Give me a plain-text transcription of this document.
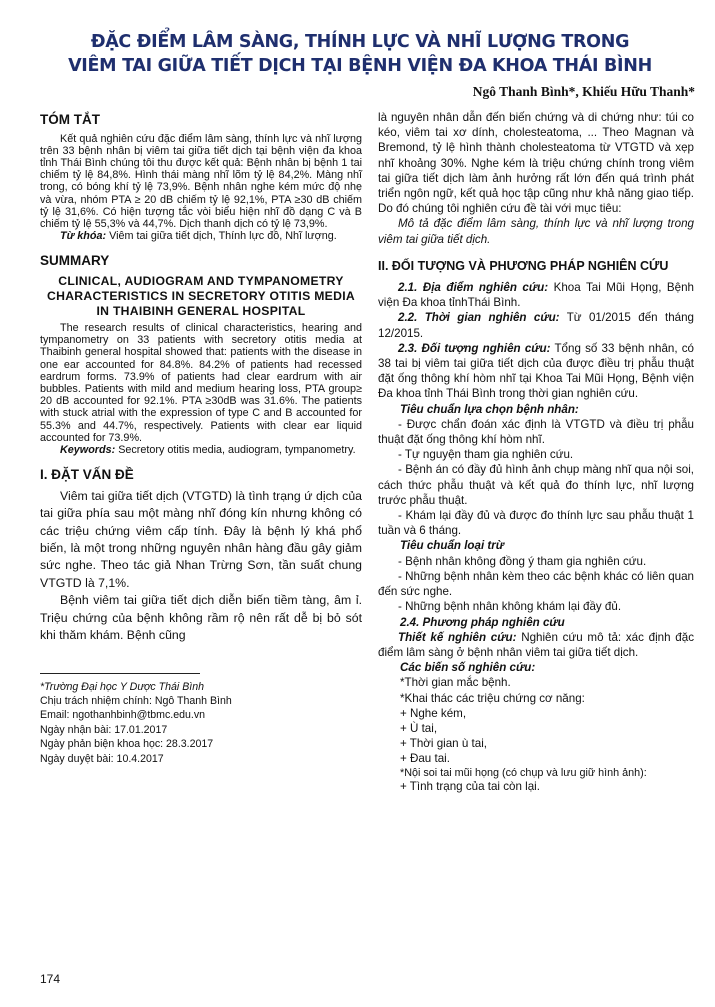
ĐẶC ĐIỂM LÂM SÀNG, THÍNH LỰC VÀ NHĨ LƯỢNG TRONG
VIÊM TAI GIỮA TIẾT DỊCH TẠI BỆNH VIỆN ĐA KHOA THÁI BÌNH
Ngô Thanh Bình*, Khiếu Hữu Thanh*
TÓM TẮT

Kết quả nghiên cứu đặc điểm lâm sàng, thính lực và nhĩ lượng trên 33 bệnh nhân bị viêm tai giữa tiết dịch tại bệnh viện đa khoa tỉnh Thái Bình chúng tôi thu được kết quả: Bệnh nhân bị bệnh 1 tai chiếm tỷ lệ 84,8%. Hình thái màng nhĩ lõm tỷ lệ 84,2%. Màng nhĩ trong, có bóng khí tỷ lệ 73,9%. Bệnh nhân nghe kém mức độ nhẹ và vừa, nhóm PTA ≥ 20 dB chiếm tỷ lệ 92,1%, PTA ≥30 dB chiếm tỷ lệ 31,6%. Có hiện tượng tắc vòi biểu hiện nhĩ đồ dạng C và B chiếm tỷ lệ 55,3% và 44,7%. Dịch thanh dịch có tỷ lệ 73,9%.

Từ khóa: Viêm tai giữa tiết dịch, Thính lực đồ, Nhĩ lượng.

SUMMARY
CLINICAL, AUDIOGRAM AND TYMPANOMETRY CHARACTERISTICS IN SECRETORY OTITIS MEDIA IN THAIBINH GENERAL HOSPITAL

The research results of clinical characteristics, hearing and tympanometry on 33 patients with secretory otitis media at Thaibinh general hospital showed that: patients with the disease in one ear accounted for 84.8%. 84.2% of patients had recessed eardrum forms. 73.9% of patients had clear eardrum with air bubbles. Patients with mild and medium hearing loss, PTA group≥ 20 dB accounted for 92.1%. PTA ≥30dB was 31.6%. The patients with stuck atrial with the expression of type C and B accounted for 55.3% and 44.7%, respectively. Patients with clear ear liquid accounted for 73.9%.

Keywords: Secretory otitis media, audiogram, tympanometry.

I. ĐẶT VẤN ĐỀ

Viêm tai giữa tiết dịch (VTGTD) là tình trạng ứ dịch của tai giữa phía sau một màng nhĩ đóng kín nhưng không có các triệu chứng viêm cấp tính. Đây là bệnh lý khá phổ biến, là một trong những nguyên nhân hàng đầu gây giảm sức nghe. Theo tác giả Nhan Trừng Sơn, tần suất chung VTGTD là 7,1%.

Bệnh viêm tai giữa tiết dịch diễn biến tiềm tàng, âm ỉ. Triệu chứng của bệnh không rầm rộ nên rất dễ bị bỏ sót khi thăm khám. Bệnh cũng

*Trường Đại học Y Dược Thái Bình
Chịu trách nhiệm chính: Ngô Thanh Bình
Email: ngothanhbinh@tbmc.edu.vn
Ngày nhận bài: 17.01.2017
Ngày phản biện khoa học: 28.3.2017
Ngày duyệt bài: 10.4.2017
174

là nguyên nhân dẫn đến biến chứng và di chứng như: túi co kéo, viêm tai xơ dính, cholesteatoma, ... Theo Magnan và Bremond, tỷ lệ hình thành cholesteatoma từ VTGTD và xẹp nhĩ khoảng 30%. Nghe kém là triệu chứng chính trong viêm tai giữa tiết dịch làm ảnh hưởng rất lớn đến quá trình phát triển ngôn ngữ, kết quả học tập cũng như khả năng giao tiếp. Do đó chúng tôi nghiên cứu đề tài với mục tiêu:

Mô tả đặc điểm lâm sàng, thính lực và nhĩ lượng trong viêm tai giữa tiết dịch.

II. ĐỐI TƯỢNG VÀ PHƯƠNG PHÁP NGHIÊN CỨU

2.1. Địa điểm nghiên cứu: Khoa Tai Mũi Họng, Bệnh viện Đa khoa tỉnhThái Bình.

2.2. Thời gian nghiên cứu: Từ 01/2015 đến tháng 12/2015.

2.3. Đối tượng nghiên cứu: Tổng số 33 bệnh nhân, có 38 tai bị viêm tai giữa tiết dịch của được điều trị phẫu thuật đặt ống thông khí hòm nhĩ tại Khoa Tai Mũi Họng, Bệnh viện Đa khoa tỉnh Thái Bình trong thời gian nghiên cứu.

Tiêu chuẩn lựa chọn bệnh nhân:

- Được chẩn đoán xác định là VTGTD và điều trị phẫu thuật đặt ống thông khí hòm nhĩ.

- Tự nguyện tham gia nghiên cứu.

- Bệnh án có đầy đủ hình ảnh chụp màng nhĩ qua nội soi, cách thức phẫu thuật và kết quả đo thính lực, nhĩ lượng trước phẫu thuật.

- Khám lại đầy đủ và được đo thính lực sau phẫu thuật 1 tuần và 6 tháng.

Tiêu chuẩn loại trừ

- Bệnh nhân không đồng ý tham gia nghiên cứu.

- Những bệnh nhân kèm theo các bệnh khác có liên quan đến sức nghe.

- Những bệnh nhân không khám lại đầy đủ.

2.4. Phương pháp nghiên cứu

Thiết kế nghiên cứu: Nghiên cứu mô tả: xác định đặc điểm lâm sàng ở bệnh nhân viêm tai giữa tiết dịch.

Các biến số nghiên cứu:
*Thời gian mắc bệnh.
*Khai thác các triệu chứng cơ năng:
+ Nghe kém,
+ Ù tai,
+ Thời gian ù tai,
+ Đau tai.
*Nội soi tai mũi họng (có chụp và lưu giữ hình ảnh):
+ Tình trạng của tai còn lại.
